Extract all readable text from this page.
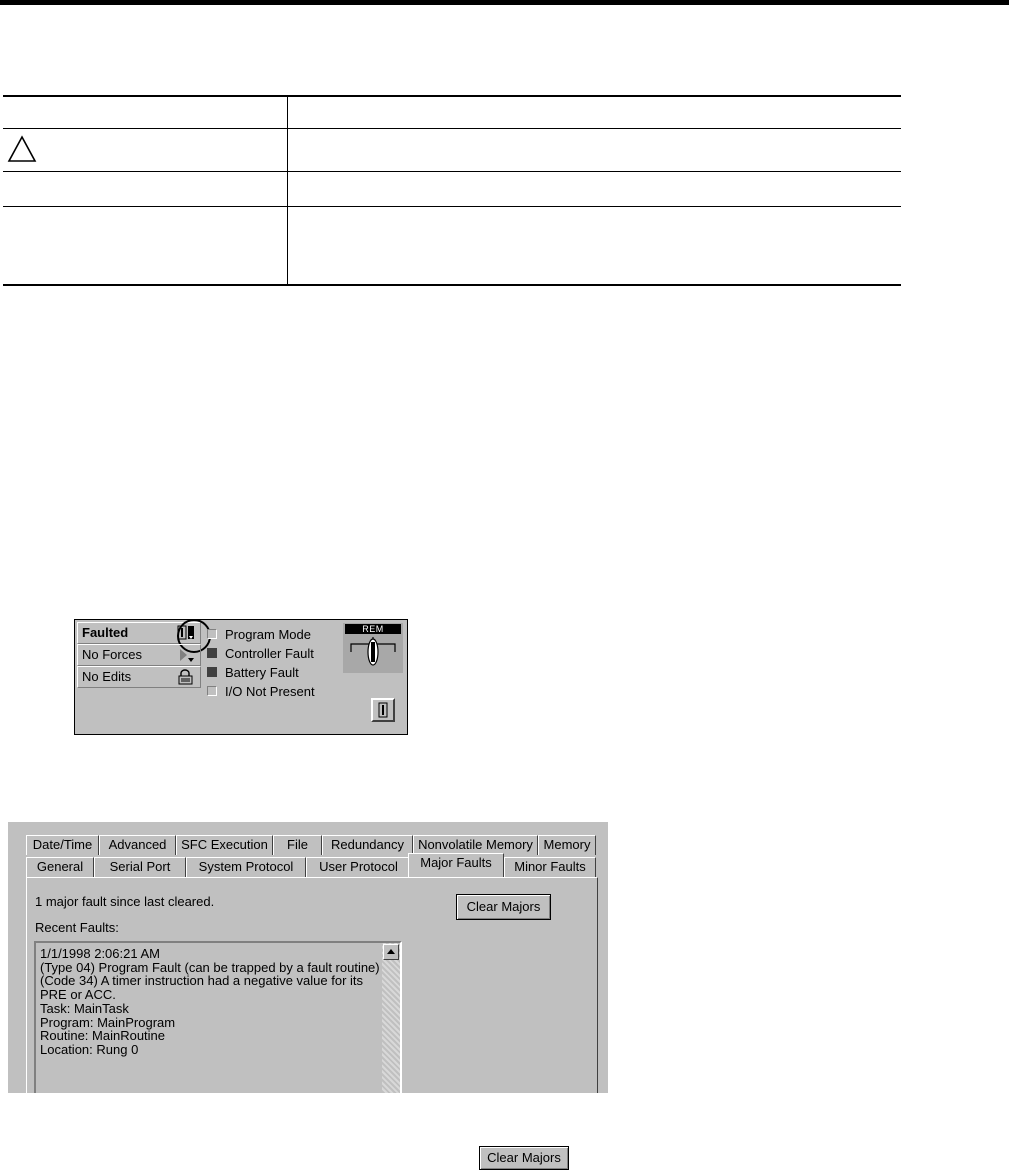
Faulted
No Forces
No Edits
Program Mode
Controller Fault
Battery Fault
I/O Not Present
REM
Date/Time	Advanced	SFC Execution	File	Redundancy	Nonvolatile Memory Memory
General	Serial Port	System Protocol	User Protocol	Major Faults	Minor Faults
1 major fault since last cleared.
Recent Faults:
Clear Majors
1/1/1998 2:06:21 AM
(Type 04) Program Fault (can be trapped by a fault routine)
(Code 34) A timer instruction had a negative value for its
PRE or ACC.
Task: MainTask
Program: MainProgram
Routine: MainRoutine
Location: Rung 0
Clear Majors
